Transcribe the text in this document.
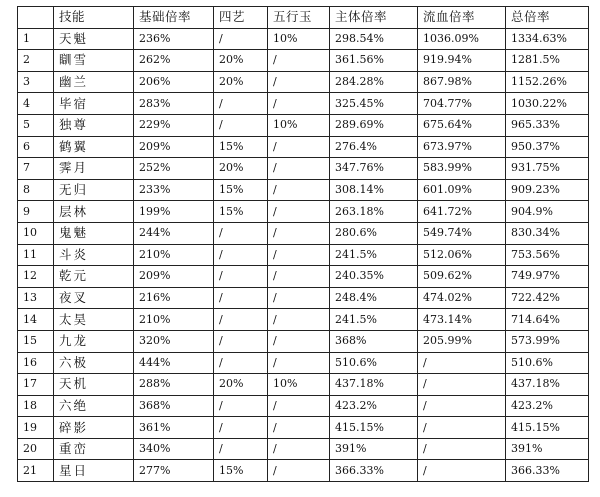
	技能	基础倍率	四艺	五行玉	主体倍率	流血倍率	总倍率
1	天魁	236%	/	10%	298.54%	1036.09%	1334.63%
2	瞓雪	262%	20%	/	361.56%	919.94%	1281.5%
3	幽兰	206%	20%	/	284.28%	867.98%	1152.26%
4	毕宿	283%	/	/	325.45%	704.77%	1030.22%
5	独尊	229%	/	10%	289.69%	675.64%	965.33%
6	鹤翼	209%	15%	/	276.4%	673.97%	950.37%
7	霁月	252%	20%	/	347.76%	583.99%	931.75%
8	无归	233%	15%	/	308.14%	601.09%	909.23%
9	层林	199%	15%	/	263.18%	641.72%	904.9%
10	鬼魅	244%	/	/	280.6%	549.74%	830.34%
11	斗炎	210%	/	/	241.5%	512.06%	753.56%
12	乾元	209%	/	/	240.35%	509.62%	749.97%
13	夜叉	216%	/	/	248.4%	474.02%	722.42%
14	太昊	210%	/	/	241.5%	473.14%	714.64%
15	九龙	320%	/	/	368%	205.99%	573.99%
16	六极	444%	/	/	510.6%	/	510.6%
17	天机	288%	20%	10%	437.18%	/	437.18%
18	六绝	368%	/	/	423.2%	/	423.2%
19	碎影	361%	/	/	415.15%	/	415.15%
20	重峦	340%	/	/	391%	/	391%
21	星日	277%	15%	/	366.33%	/	366.33%
